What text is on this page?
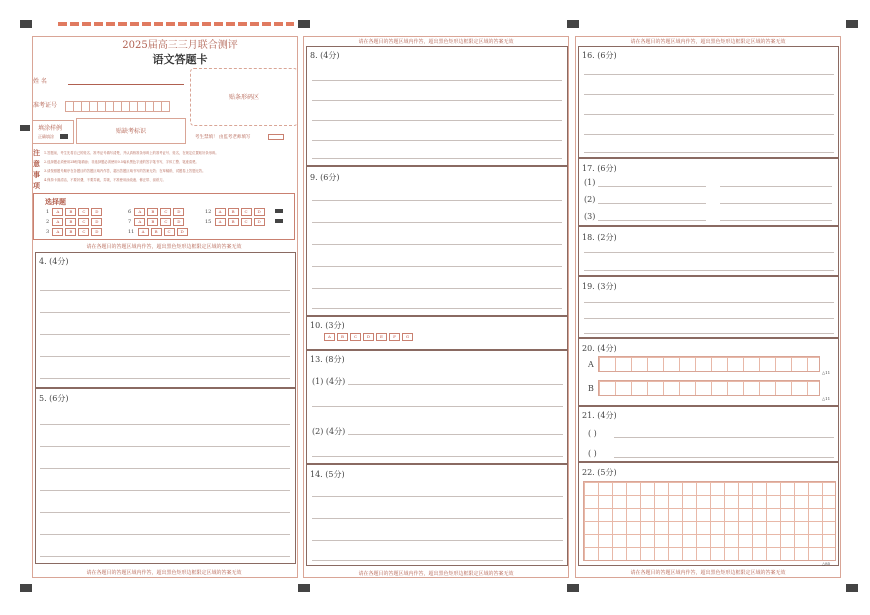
2025届高三三月联合测评
语文答题卡
姓 名
准考证号
贴条形码区
填涂样例
正确填涂
贴缺考标识
考生禁填！ 由监考老师填写
注
意
事
项
1.答题前，考生先将自己的姓名、准考证号填写清楚，并认真核准条形码上的准考证号、姓名，在规定位置贴好条形码。
2.选择题必须使用2B铅笔填涂；非选择题必须使用0.5毫米黑色字迹的签字笔书写，字体工整、笔迹清楚。
3.请按照题号顺序在各题目的答题区域内作答，超出答题区域书写的答案无效；在草稿纸、试题卷上答题无效。
4.保持卡面清洁，不要折叠，不要弄破，弄皱，不准使用涂改液、修正带、刮纸刀。
选择题
1 A	B	C D
2 A	B	C D
3 A	B	C D
6 A	B	C D
7 A	B	C D
11 A	B	C D
12 A	B	C D
15 A	B	C D
请在各题目的答题区域内作答，超出黑色矩形边框限定区域的答案无效
4. (4分)
5. (6分)
请在各题目的答题区域内作答，超出黑色矩形边框限定区域的答案无效
请在各题目的答题区域内作答，超出黑色矩形边框限定区域的答案无效
8. (4分)
9. (6分)
10. (3分)
A	B	C D E	F	G
13. (8分)
(1) (4分)
(2) (4分)
14. (5分)
请在各题目的答题区域内作答，超出黑色矩形边框限定区域的答案无效
请在各题目的答题区域内作答，超出黑色矩形边框限定区域的答案无效
16. (6分)
17. (6分)
(1)
(2)
(3)
18. (2分)
19. (3分)
20. (4分)
A
△11
B
△11
21. (4分)
( )
( )
22. (5分)
△85
请在各题目的答题区域内作答，超出黑色矩形边框限定区域的答案无效
